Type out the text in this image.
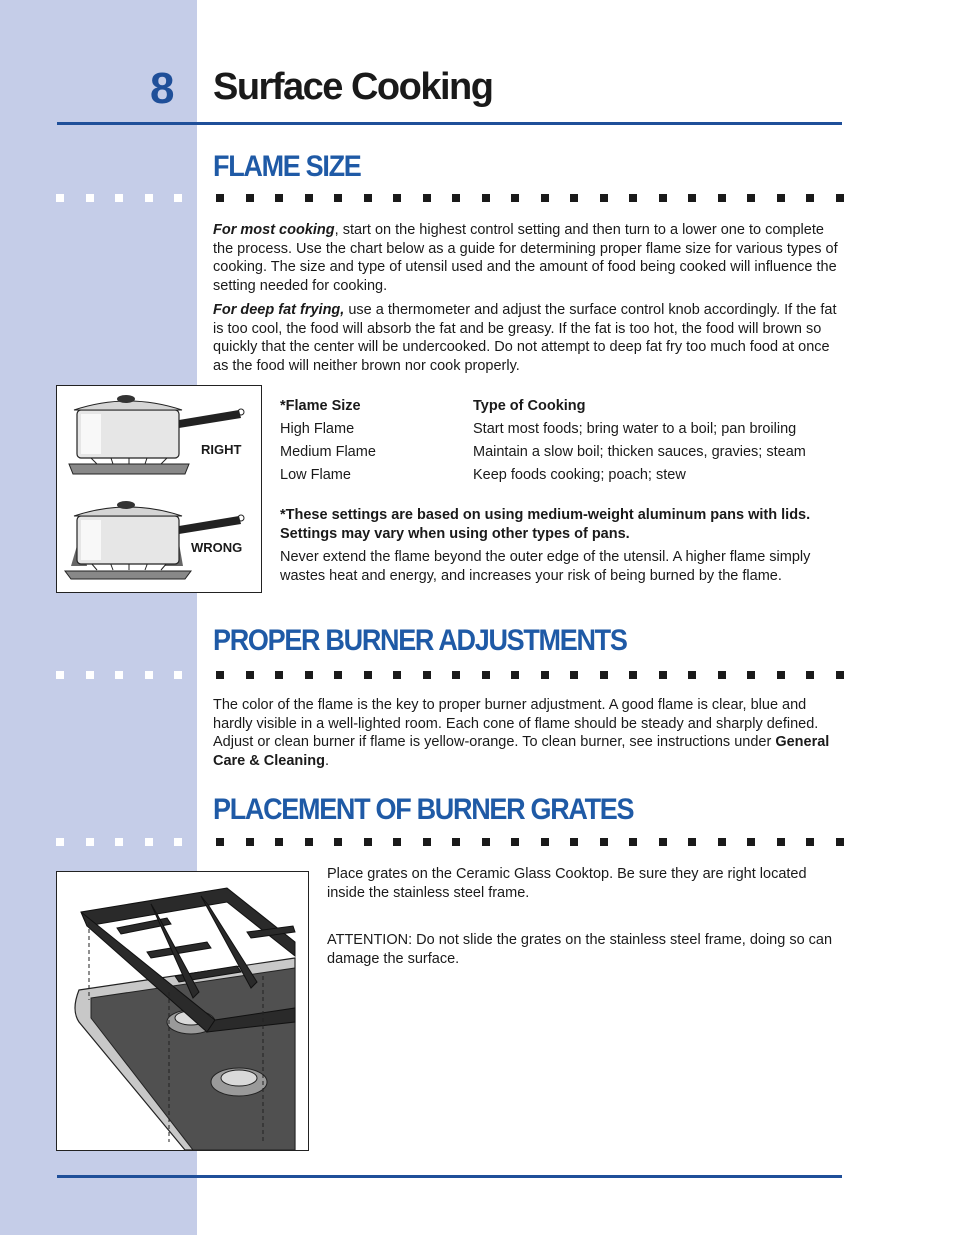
8 Surface Cooking
FLAME SIZE

For most cooking, start on the highest control setting and then turn to a lower one to complete the process. Use the chart below as a guide for determining proper flame size for various types of cooking. The size and type of utensil used and the amount of food being cooked will influence the setting needed for cooking.

For deep fat frying, use a thermometer and adjust the surface control knob accordingly. If the fat is too cool, the food will absorb the fat and be greasy. If the fat is too hot, the food will brown so quickly that the center will be undercooked. Do not attempt to deep fat fry too much food at once as the food will neither brown nor cook properly.

RIGHT
WRONG
*Flame Size	Type of Cooking
High Flame	Start most foods; bring water to a boil; pan broiling
Medium Flame	Maintain a slow boil; thicken sauces, gravies; steam
Low Flame	Keep foods cooking; poach; stew

*These settings are based on using medium-weight aluminum pans with lids. Settings may vary when using other types of pans.

Never extend the flame beyond the outer edge of the utensil. A higher flame simply wastes heat and energy, and increases your risk of being burned by the flame.

PROPER BURNER ADJUSTMENTS

The color of the flame is the key to proper burner adjustment. A good flame is clear, blue and hardly visible in a well-lighted room. Each cone of flame should be steady and sharply defined. Adjust or clean burner if flame is yellow-orange. To clean burner, see instructions under General Care & Cleaning.

PLACEMENT OF BURNER GRATES

Place grates on the Ceramic Glass Cooktop. Be sure they are right located inside the stainless steel frame.

ATTENTION: Do not slide the grates on the stainless steel frame, doing so can damage the surface.
